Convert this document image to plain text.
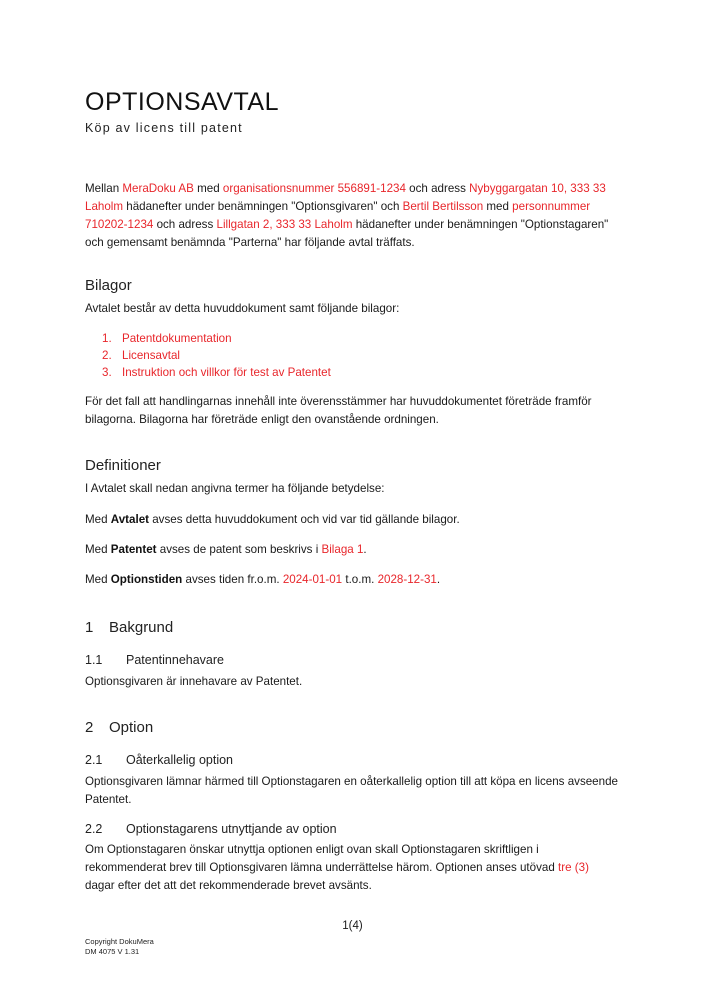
OPTIONSAVTAL

Köp av licens till patent

Mellan MeraDoku AB med organisationsnummer 556891-1234 och adress Nybyggargatan 10, 333 33 Laholm hädanefter under benämningen "Optionsgivaren" och Bertil Bertilsson med personnummer 710202-1234 och adress Lillgatan 2, 333 33 Laholm hädanefter under benämningen "Optionstagaren" och gemensamt benämnda "Parterna" har följande avtal träffats.

Bilagor

Avtalet består av detta huvuddokument samt följande bilagor:

1. Patentdokumentation
2. Licensavtal
3. Instruktion och villkor för test av Patentet

För det fall att handlingarnas innehåll inte överensstämmer har huvuddokumentet företräde framför bilagorna. Bilagorna har företräde enligt den ovanstående ordningen.

Definitioner

I Avtalet skall nedan angivna termer ha följande betydelse:

Med Avtalet avses detta huvuddokument och vid var tid gällande bilagor.

Med Patentet avses de patent som beskrivs i Bilaga 1.

Med Optionstiden avses tiden fr.o.m. 2024-01-01 t.o.m. 2028-12-31.

1 Bakgrund
1.1 Patentinnehavare

Optionsgivaren är innehavare av Patentet.

2 Option
2.1 Oåterkallelig option

Optionsgivaren lämnar härmed till Optionstagaren en oåterkallelig option till att köpa en licens avseende Patentet.

2.2 Optionstagarens utnyttjande av option

Om Optionstagaren önskar utnyttja optionen enligt ovan skall Optionstagaren skriftligen i rekommenderat brev till Optionsgivaren lämna underrättelse härom. Optionen anses utövad tre (3) dagar efter det att det rekommenderade brevet avsänts.

1(4)
Copyright DokuMera
DM 4075 V 1.31
